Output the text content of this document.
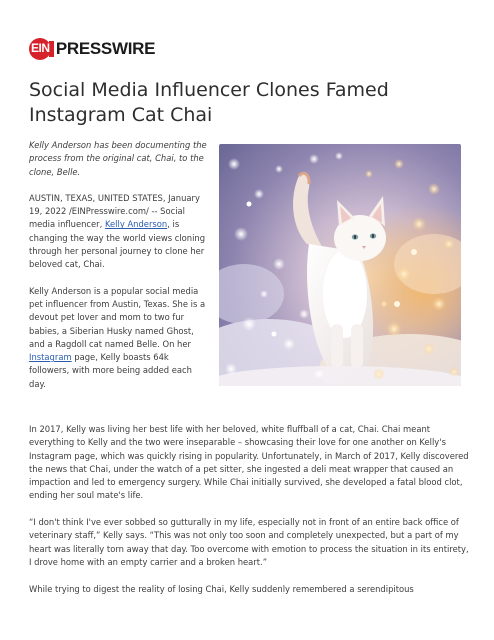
EIN
PRESSWIRE
Social Media Influencer Clones Famed Instagram Cat Chai

Kelly Anderson has been documenting the process from the original cat, Chai, to the clone, Belle.

AUSTIN, TEXAS, UNITED STATES, January 19, 2022 /EINPresswire.com/ -- Social media influencer, Kelly Anderson, is changing the way the world views cloning through her personal journey to clone her beloved cat, Chai.

Kelly Anderson is a popular social media pet influencer from Austin, Texas. She is a devout pet lover and mom to two fur babies, a Siberian Husky named Ghost, and a Ragdoll cat named Belle. On her Instagram page, Kelly boasts 64k followers, with more being added each day.

In 2017, Kelly was living her best life with her beloved, white fluffball of a cat, Chai. Chai meant everything to Kelly and the two were inseparable – showcasing their love for one another on Kelly's Instagram page, which was quickly rising in popularity. Unfortunately, in March of 2017, Kelly discovered the news that Chai, under the watch of a pet sitter, she ingested a deli meat wrapper that caused an impaction and led to emergency surgery. While Chai initially survived, she developed a fatal blood clot, ending her soul mate's life.

“I don't think I've ever sobbed so gutturally in my life, especially not in front of an entire back office of veterinary staff,” Kelly says. “This was not only too soon and completely unexpected, but a part of my heart was literally torn away that day. Too overcome with emotion to process the situation in its entirety, I drove home with an empty carrier and a broken heart.”

While trying to digest the reality of losing Chai, Kelly suddenly remembered a serendipitous
